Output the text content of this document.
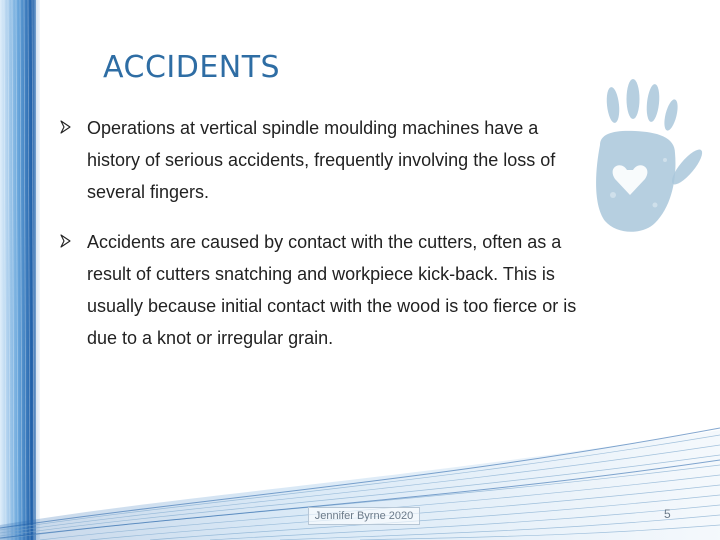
ACCIDENTS
Operations at vertical spindle moulding machines have a history of serious accidents, frequently involving the loss of several fingers.
Accidents are caused by contact with the cutters, often as a result of cutters snatching and workpiece kick-back. This is usually because initial contact with the wood is too fierce or is due to a knot or irregular grain.
Jennifer Byrne 2020	5
